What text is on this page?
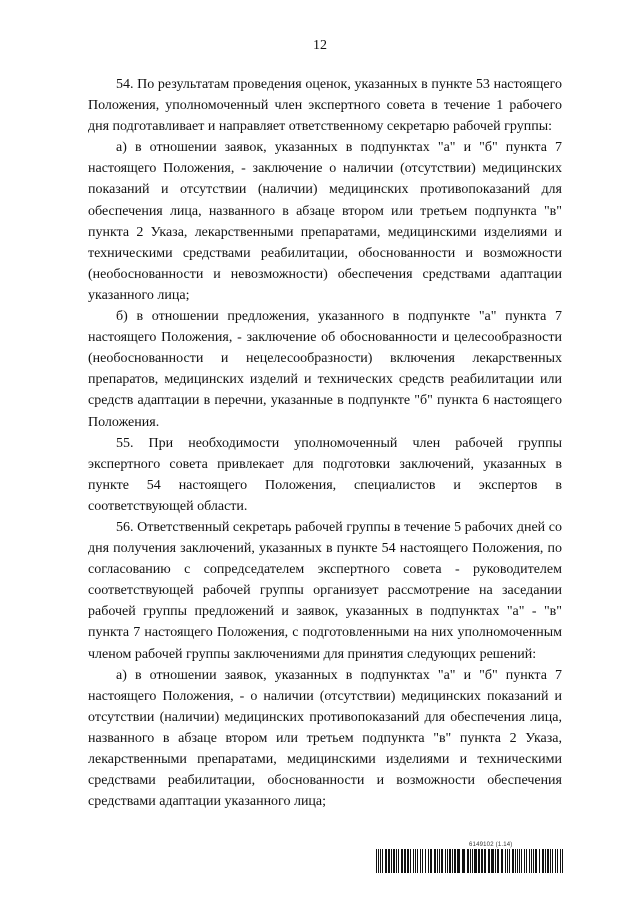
12

54. По результатам проведения оценок, указанных в пункте 53 настоящего Положения, уполномоченный член экспертного совета в течение 1 рабочего дня подготавливает и направляет ответственному секретарю рабочей группы:

а) в отношении заявок, указанных в подпунктах "а" и "б" пункта 7 настоящего Положения, - заключение о наличии (отсутствии) медицинских показаний и отсутствии (наличии) медицинских противопоказаний для обеспечения лица, названного в абзаце втором или третьем подпункта "в" пункта 2 Указа, лекарственными препаратами, медицинскими изделиями и техническими средствами реабилитации, обоснованности и возможности (необоснованности и невозможности) обеспечения средствами адаптации указанного лица;

б) в отношении предложения, указанного в подпункте "а" пункта 7 настоящего Положения, - заключение об обоснованности и целесообразности (необоснованности и нецелесообразности) включения лекарственных препаратов, медицинских изделий и технических средств реабилитации или средств адаптации в перечни, указанные в подпункте "б" пункта 6 настоящего Положения.

55. При необходимости уполномоченный член рабочей группы экспертного совета привлекает для подготовки заключений, указанных в пункте 54 настоящего Положения, специалистов и экспертов в соответствующей области.

56. Ответственный секретарь рабочей группы в течение 5 рабочих дней со дня получения заключений, указанных в пункте 54 настоящего Положения, по согласованию с сопредседателем экспертного совета - руководителем соответствующей рабочей группы организует рассмотрение на заседании рабочей группы предложений и заявок, указанных в подпунктах "а" - "в" пункта 7 настоящего Положения, с подготовленными на них уполномоченным членом рабочей группы заключениями для принятия следующих решений:

а) в отношении заявок, указанных в подпунктах "а" и "б" пункта 7 настоящего Положения, - о наличии (отсутствии) медицинских показаний и отсутствии (наличии) медицинских противопоказаний для обеспечения лица, названного в абзаце втором или третьем подпункта "в" пункта 2 Указа, лекарственными препаратами, медицинскими изделиями и техническими средствами реабилитации, обоснованности и возможности обеспечения средствами адаптации указанного лица;

6149102 (1.14)
